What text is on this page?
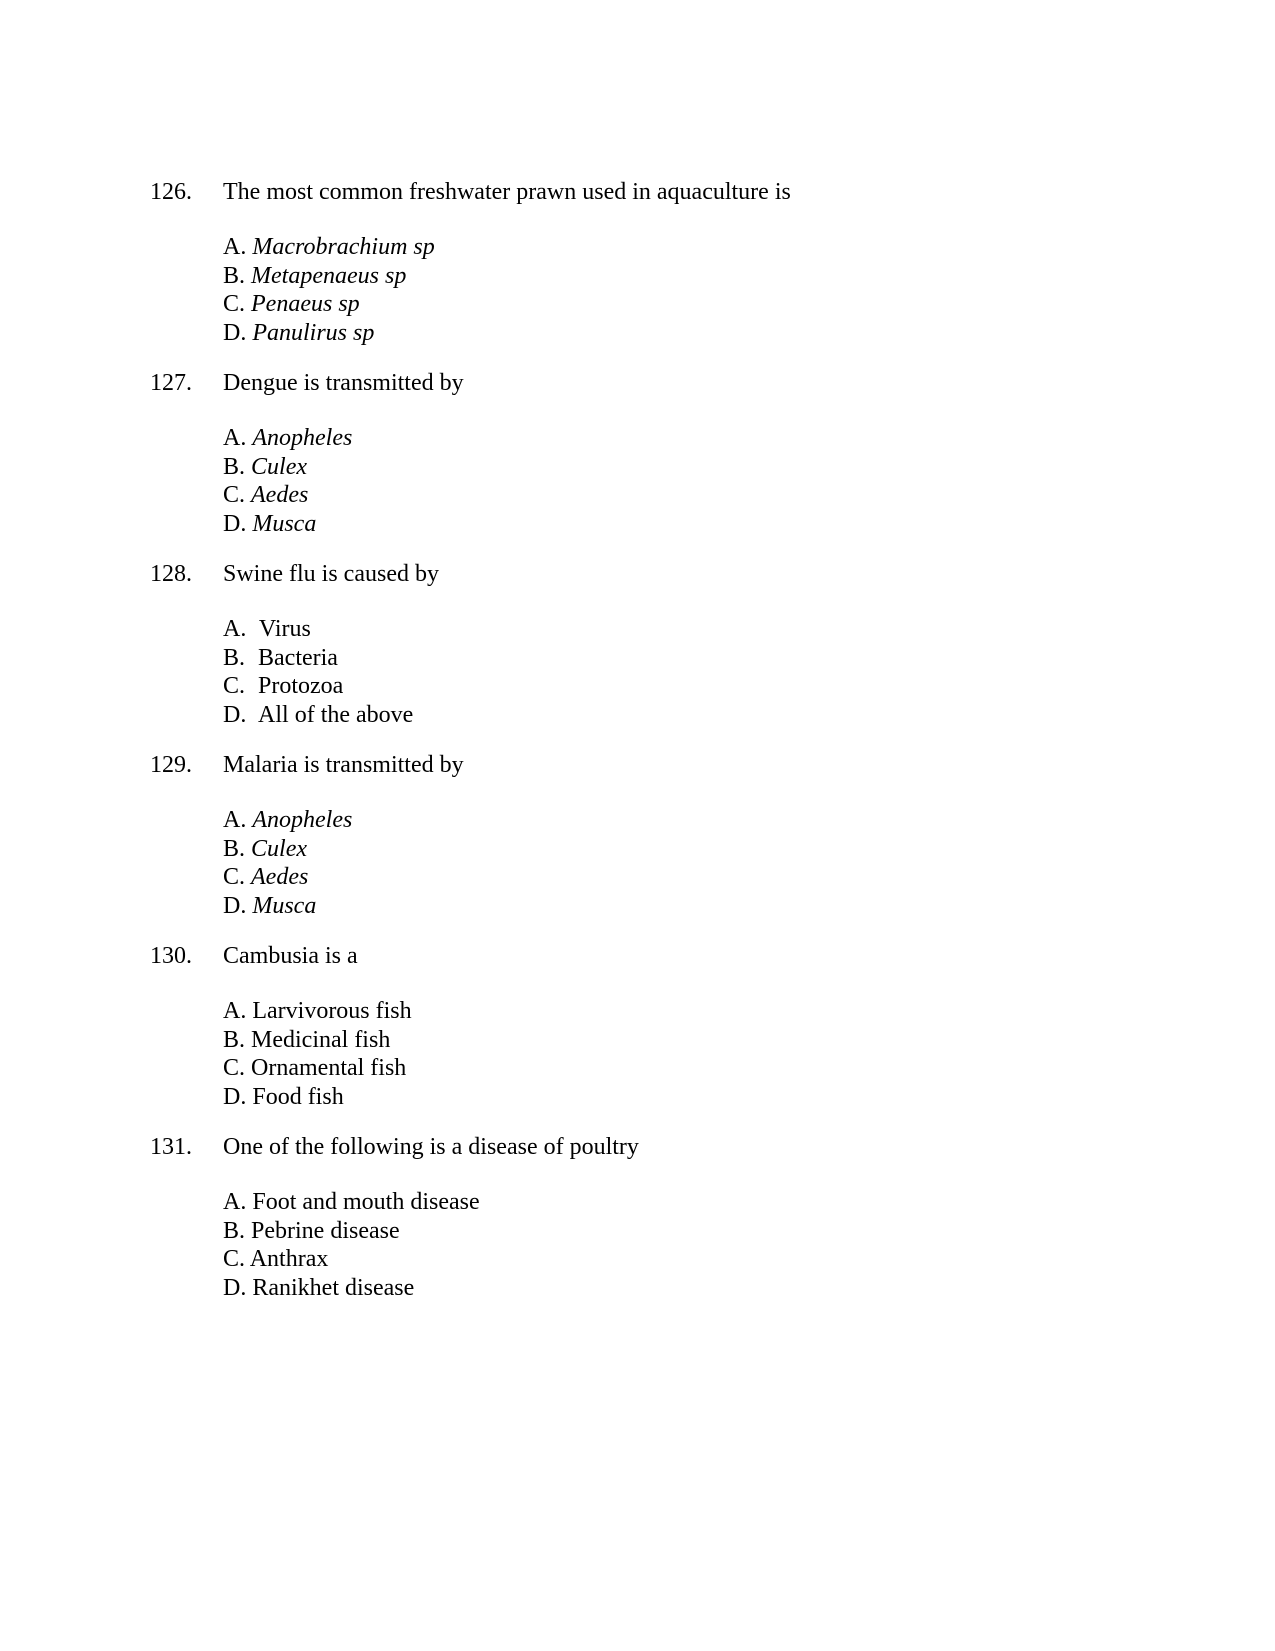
126. The most common freshwater prawn used in aquaculture is
A. Macrobrachium sp
B. Metapenaeus sp
C. Penaeus sp
D. Panulirus sp
127. Dengue is transmitted by
A. Anopheles
B. Culex
C. Aedes
D. Musca
128. Swine flu is caused by
A. Virus
B. Bacteria
C. Protozoa
D. All of the above
129. Malaria is transmitted by
A. Anopheles
B. Culex
C. Aedes
D. Musca
130. Cambusia is a
A. Larvivorous fish
B. Medicinal fish
C. Ornamental fish
D. Food fish
131. One of the following is a disease of poultry
A. Foot and mouth disease
B. Pebrine disease
C. Anthrax
D. Ranikhet disease
